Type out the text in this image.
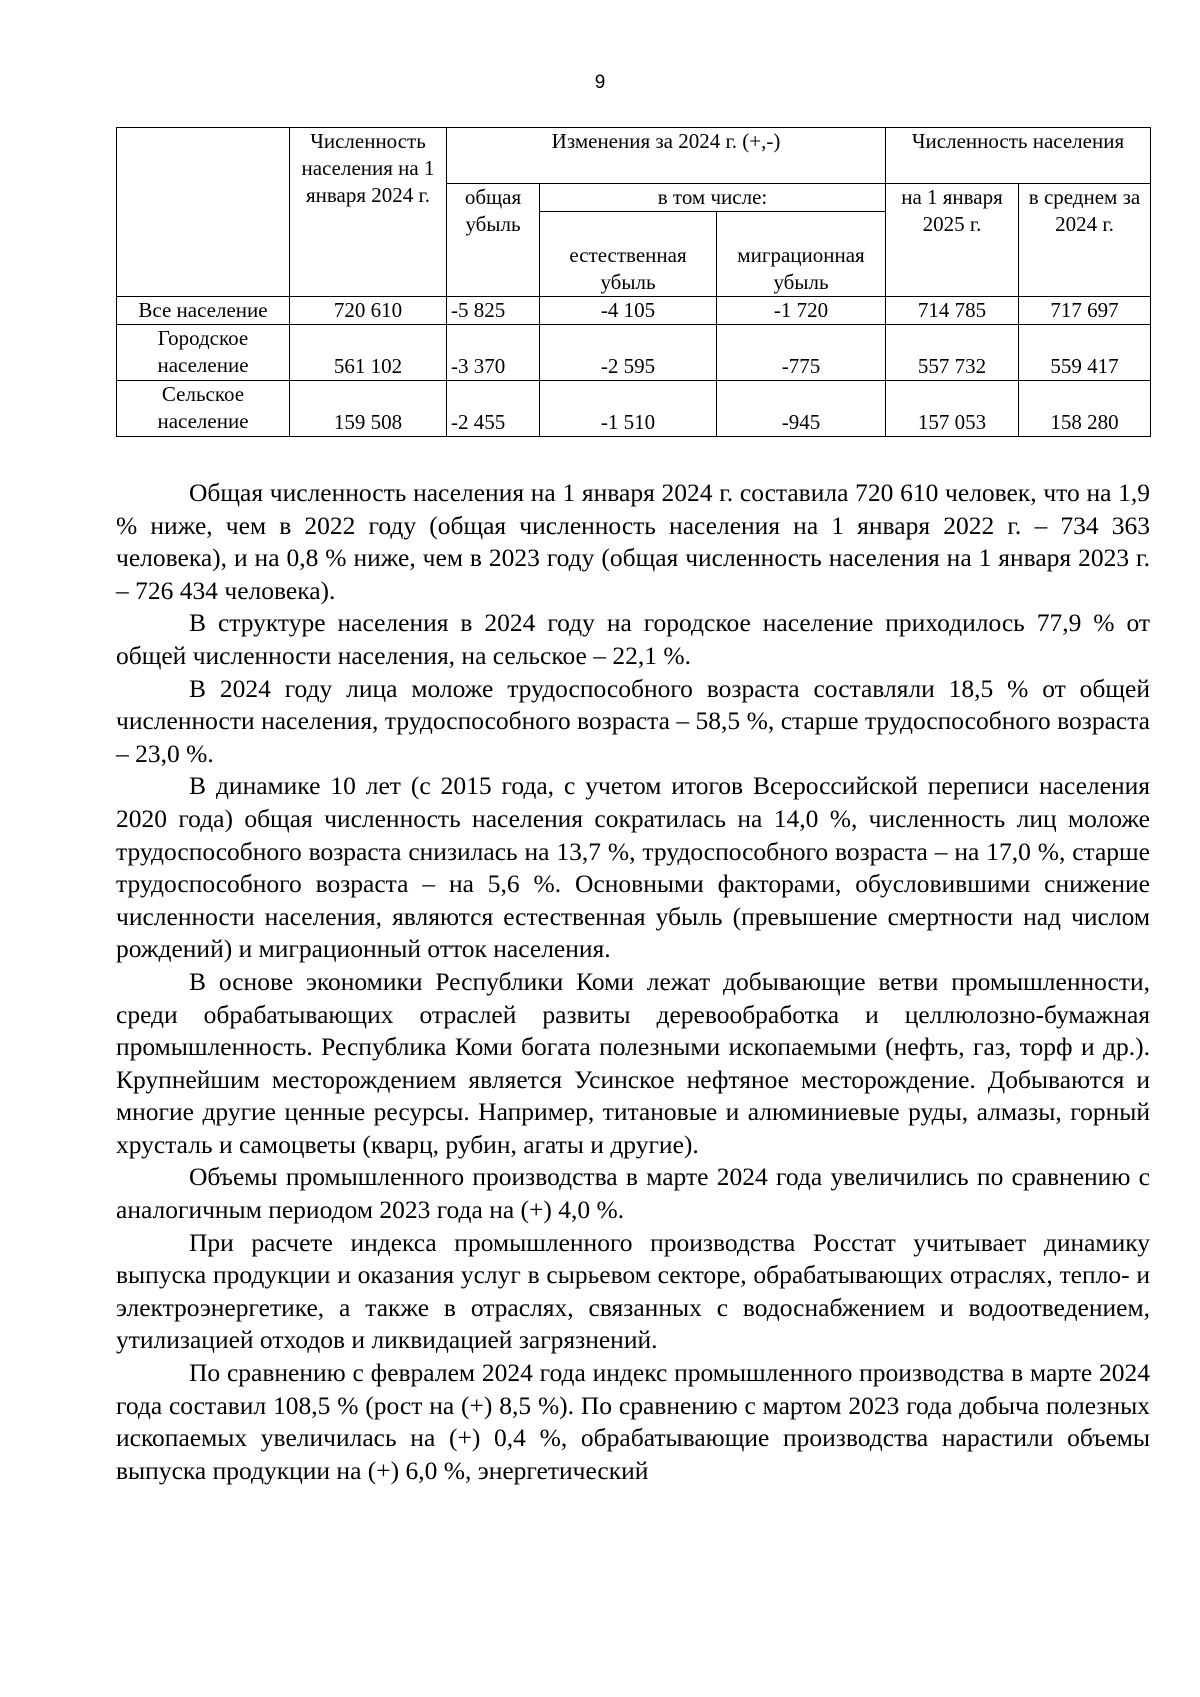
9
	Численность населения на 1 января 2024 г.	Изменения за 2024 г. (+,-)			Численность населения	
		общая убыль	в том числе:		на 1 января 2025 г.	в среднем за 2024 г.
			естественная убыль	миграционная убыль		
Все население	720 610	-5 825	-4 105	-1 720	714 785	717 697
Городское население	561 102	-3 370	-2 595	-775	557 732	559 417
Сельское население	159 508	-2 455	-1 510	-945	157 053	158 280

Общая численность населения на 1 января 2024 г. составила 720 610 человек, что на 1,9 % ниже, чем в 2022 году (общая численность населения на 1 января 2022 г. – 734 363 человека), и на 0,8 % ниже, чем в 2023 году (общая численность населения на 1 января 2023 г. – 726 434 человека).

В структуре населения в 2024 году на городское население приходилось 77,9 % от общей численности населения, на сельское – 22,1 %.

В 2024 году лица моложе трудоспособного возраста составляли 18,5 % от общей численности населения, трудоспособного возраста – 58,5 %, старше трудоспособного возраста – 23,0 %.

В динамике 10 лет (с 2015 года, с учетом итогов Всероссийской переписи населения 2020 года) общая численность населения сократилась на 14,0 %, численность лиц моложе трудоспособного возраста снизилась на 13,7 %, трудоспособного возраста – на 17,0 %, старше трудоспособного возраста – на 5,6 %. Основными факторами, обусловившими снижение численности населения, являются естественная убыль (превышение смертности над числом рождений) и миграционный отток населения.

В основе экономики Республики Коми лежат добывающие ветви промышленности, среди обрабатывающих отраслей развиты деревообработка и целлюлозно-бумажная промышленность. Республика Коми богата полезными ископаемыми (нефть, газ, торф и др.). Крупнейшим месторождением является Усинское нефтяное месторождение. Добываются и многие другие ценные ресурсы. Например, титановые и алюминиевые руды, алмазы, горный хрусталь и самоцветы (кварц, рубин, агаты и другие).

Объемы промышленного производства в марте 2024 года увеличились по сравнению с аналогичным периодом 2023 года на (+) 4,0 %.

При расчете индекса промышленного производства Росстат учитывает динамику выпуска продукции и оказания услуг в сырьевом секторе, обрабатывающих отраслях, тепло- и электроэнергетике, а также в отраслях, связанных с водоснабжением и водоотведением, утилизацией отходов и ликвидацией загрязнений.

По сравнению с февралем 2024 года индекс промышленного производства в марте 2024 года составил 108,5 % (рост на (+) 8,5 %). По сравнению с мартом 2023 года добыча полезных ископаемых увеличилась на (+) 0,4 %, обрабатывающие производства нарастили объемы выпуска продукции на (+) 6,0 %, энергетический
